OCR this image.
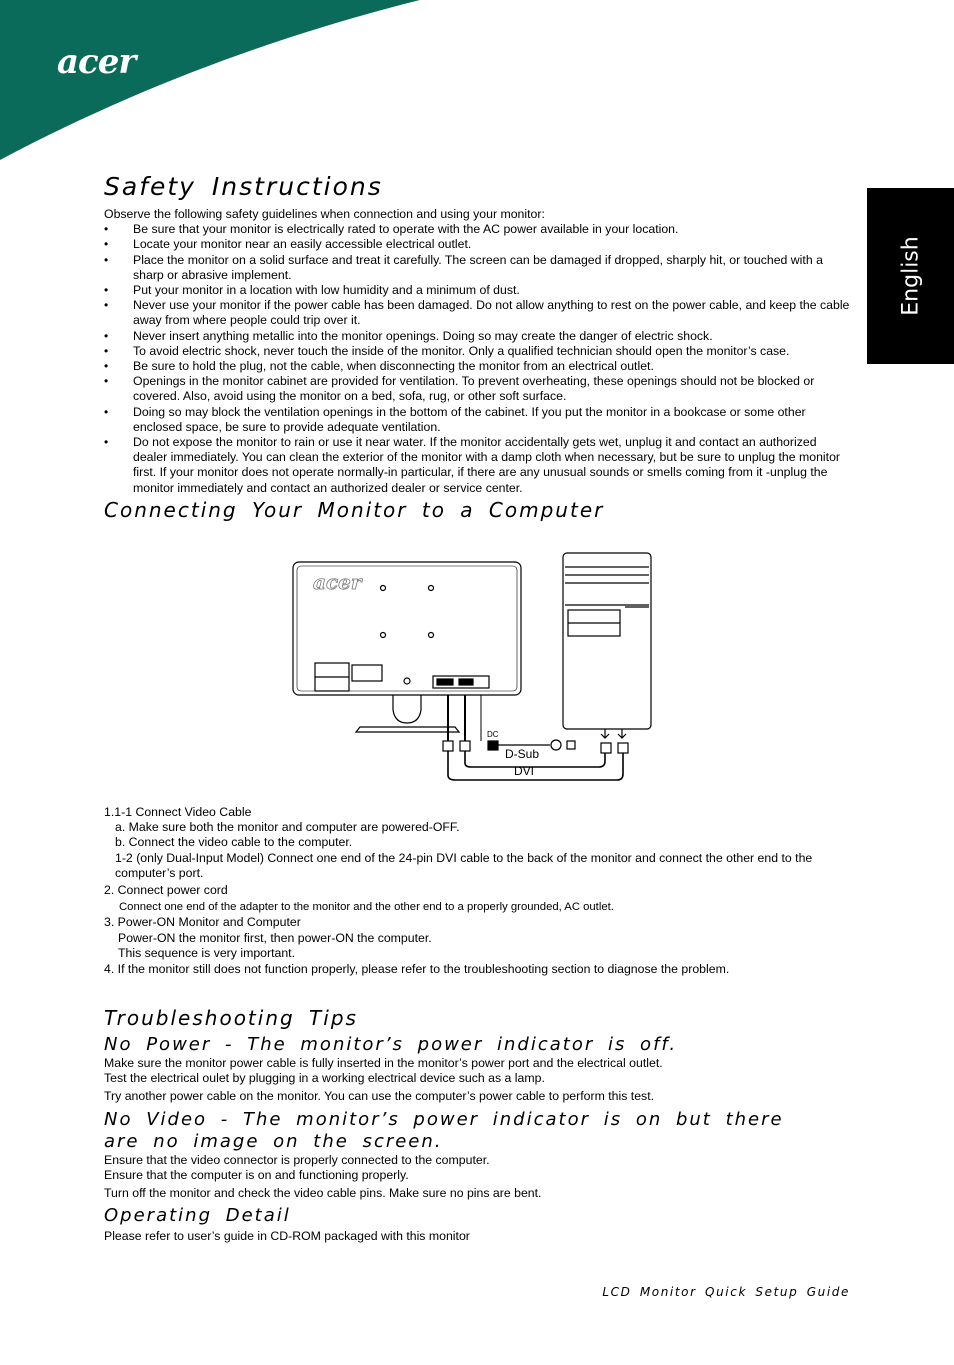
acer
English
Safety Instructions

Observe the following safety guidelines when connection and using your monitor:

• Be sure that your monitor is electrically rated to operate with the AC power available in your location.
• Locate your monitor near an easily accessible electrical outlet.
• Place the monitor on a solid surface and treat it carefully. The screen can be damaged if dropped, sharply hit, or touched with a sharp or abrasive implement.
• Put your monitor in a location with low humidity and a minimum of dust.
• Never use your monitor if the power cable has been damaged. Do not allow anything to rest on the power cable, and keep the cable away from where people could trip over it.
• Never insert anything metallic into the monitor openings. Doing so may create the danger of electric shock.
• To avoid electric shock, never touch the inside of the monitor. Only a qualified technician should open the monitor’s case.
• Be sure to hold the plug, not the cable, when disconnecting the monitor from an electrical outlet.
• Openings in the monitor cabinet are provided for ventilation. To prevent overheating, these openings should not be blocked or covered. Also, avoid using the monitor on a bed, sofa, rug, or other soft surface.
• Doing so may block the ventilation openings in the bottom of the cabinet. If you put the monitor in a bookcase or some other enclosed space, be sure to provide adequate ventilation.
• Do not expose the monitor to rain or use it near water. If the monitor accidentally gets wet, unplug it and contact an authorized dealer immediately. You can clean the exterior of the monitor with a damp cloth when necessary, but be sure to unplug the monitor first. If your monitor does not operate normally-in particular, if there are any unusual sounds or smells coming from it -unplug the monitor immediately and contact an authorized dealer or service center.
Connecting Your Monitor to a Computer
acer
DC
D-Sub
DVI
1.1-1 Connect Video Cable
a. Make sure both the monitor and computer are powered-OFF.
b. Connect the video cable to the computer.
1-2 (only Dual-Input Model) Connect one end of the 24-pin DVI cable to the back of the monitor and connect the other end to the computer’s port.
2. Connect power cord
Connect one end of the adapter to the monitor and the other end to a properly grounded, AC outlet.
3. Power-ON Monitor and Computer
Power-ON the monitor first, then power-ON the computer.
This sequence is very important.
4. If the monitor still does not function properly, please refer to the troubleshooting section to diagnose the problem.
Troubleshooting Tips
No Power - The monitor’s power indicator is off.

Make sure the monitor power cable is fully inserted in the monitor’s power port and the electrical outlet.

Test the electrical oulet by plugging in a working electrical device such as a lamp.

Try another power cable on the monitor. You can use the computer’s power cable to perform this test.

No Video - The monitor’s power indicator is on but there are no image on the screen.

Ensure that the video connector is properly connected to the computer.

Ensure that the computer is on and functioning properly.

Turn off the monitor and check the video cable pins. Make sure no pins are bent.

Operating Detail

Please refer to user’s guide in CD-ROM packaged with this monitor

LCD Monitor Quick Setup Guide
